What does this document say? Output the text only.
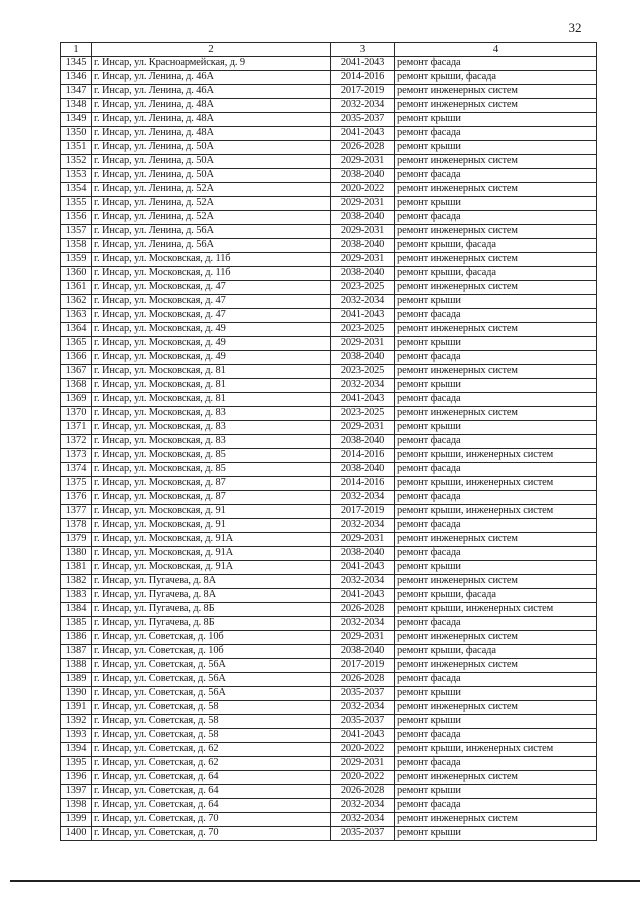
32
1	2	3	4
1345	г. Инсар, ул. Красноармейская, д. 9	2041-2043	ремонт фасада
1346	г. Инсар, ул. Ленина, д. 46А	2014-2016	ремонт крыши, фасада
1347	г. Инсар, ул. Ленина, д. 46А	2017-2019	ремонт инженерных систем
1348	г. Инсар, ул. Ленина, д. 48А	2032-2034	ремонт инженерных систем
1349	г. Инсар, ул. Ленина, д. 48А	2035-2037	ремонт крыши
1350	г. Инсар, ул. Ленина, д. 48А	2041-2043	ремонт фасада
1351	г. Инсар, ул. Ленина, д. 50А	2026-2028	ремонт крыши
1352	г. Инсар, ул. Ленина, д. 50А	2029-2031	ремонт инженерных систем
1353	г. Инсар, ул. Ленина, д. 50А	2038-2040	ремонт фасада
1354	г. Инсар, ул. Ленина, д. 52А	2020-2022	ремонт инженерных систем
1355	г. Инсар, ул. Ленина, д. 52А	2029-2031	ремонт крыши
1356	г. Инсар, ул. Ленина, д. 52А	2038-2040	ремонт фасада
1357	г. Инсар, ул. Ленина, д. 56А	2029-2031	ремонт инженерных систем
1358	г. Инсар, ул. Ленина, д. 56А	2038-2040	ремонт крыши, фасада
1359	г. Инсар, ул. Московская, д. 11б	2029-2031	ремонт инженерных систем
1360	г. Инсар, ул. Московская, д. 11б	2038-2040	ремонт крыши, фасада
1361	г. Инсар, ул. Московская, д. 47	2023-2025	ремонт инженерных систем
1362	г. Инсар, ул. Московская, д. 47	2032-2034	ремонт крыши
1363	г. Инсар, ул. Московская, д. 47	2041-2043	ремонт фасада
1364	г. Инсар, ул. Московская, д. 49	2023-2025	ремонт инженерных систем
1365	г. Инсар, ул. Московская, д. 49	2029-2031	ремонт крыши
1366	г. Инсар, ул. Московская, д. 49	2038-2040	ремонт фасада
1367	г. Инсар, ул. Московская, д. 81	2023-2025	ремонт инженерных систем
1368	г. Инсар, ул. Московская, д. 81	2032-2034	ремонт крыши
1369	г. Инсар, ул. Московская, д. 81	2041-2043	ремонт фасада
1370	г. Инсар, ул. Московская, д. 83	2023-2025	ремонт инженерных систем
1371	г. Инсар, ул. Московская, д. 83	2029-2031	ремонт крыши
1372	г. Инсар, ул. Московская, д. 83	2038-2040	ремонт фасада
1373	г. Инсар, ул. Московская, д. 85	2014-2016	ремонт крыши, инженерных систем
1374	г. Инсар, ул. Московская, д. 85	2038-2040	ремонт фасада
1375	г. Инсар, ул. Московская, д. 87	2014-2016	ремонт крыши, инженерных систем
1376	г. Инсар, ул. Московская, д. 87	2032-2034	ремонт фасада
1377	г. Инсар, ул. Московская, д. 91	2017-2019	ремонт крыши, инженерных систем
1378	г. Инсар, ул. Московская, д. 91	2032-2034	ремонт фасада
1379	г. Инсар, ул. Московская, д. 91А	2029-2031	ремонт инженерных систем
1380	г. Инсар, ул. Московская, д. 91А	2038-2040	ремонт фасада
1381	г. Инсар, ул. Московская, д. 91А	2041-2043	ремонт крыши
1382	г. Инсар, ул. Пугачева, д. 8А	2032-2034	ремонт инженерных систем
1383	г. Инсар, ул. Пугачева, д. 8А	2041-2043	ремонт крыши, фасада
1384	г. Инсар, ул. Пугачева, д. 8Б	2026-2028	ремонт крыши, инженерных систем
1385	г. Инсар, ул. Пугачева, д. 8Б	2032-2034	ремонт фасада
1386	г. Инсар, ул. Советская, д. 10б	2029-2031	ремонт инженерных систем
1387	г. Инсар, ул. Советская, д. 10б	2038-2040	ремонт крыши, фасада
1388	г. Инсар, ул. Советская, д. 56А	2017-2019	ремонт инженерных систем
1389	г. Инсар, ул. Советская, д. 56А	2026-2028	ремонт фасада
1390	г. Инсар, ул. Советская, д. 56А	2035-2037	ремонт крыши
1391	г. Инсар, ул. Советская, д. 58	2032-2034	ремонт инженерных систем
1392	г. Инсар, ул. Советская, д. 58	2035-2037	ремонт крыши
1393	г. Инсар, ул. Советская, д. 58	2041-2043	ремонт фасада
1394	г. Инсар, ул. Советская, д. 62	2020-2022	ремонт крыши, инженерных систем
1395	г. Инсар, ул. Советская, д. 62	2029-2031	ремонт фасада
1396	г. Инсар, ул. Советская, д. 64	2020-2022	ремонт инженерных систем
1397	г. Инсар, ул. Советская, д. 64	2026-2028	ремонт крыши
1398	г. Инсар, ул. Советская, д. 64	2032-2034	ремонт фасада
1399	г. Инсар, ул. Советская, д. 70	2032-2034	ремонт инженерных систем
1400	г. Инсар, ул. Советская, д. 70	2035-2037	ремонт крыши
